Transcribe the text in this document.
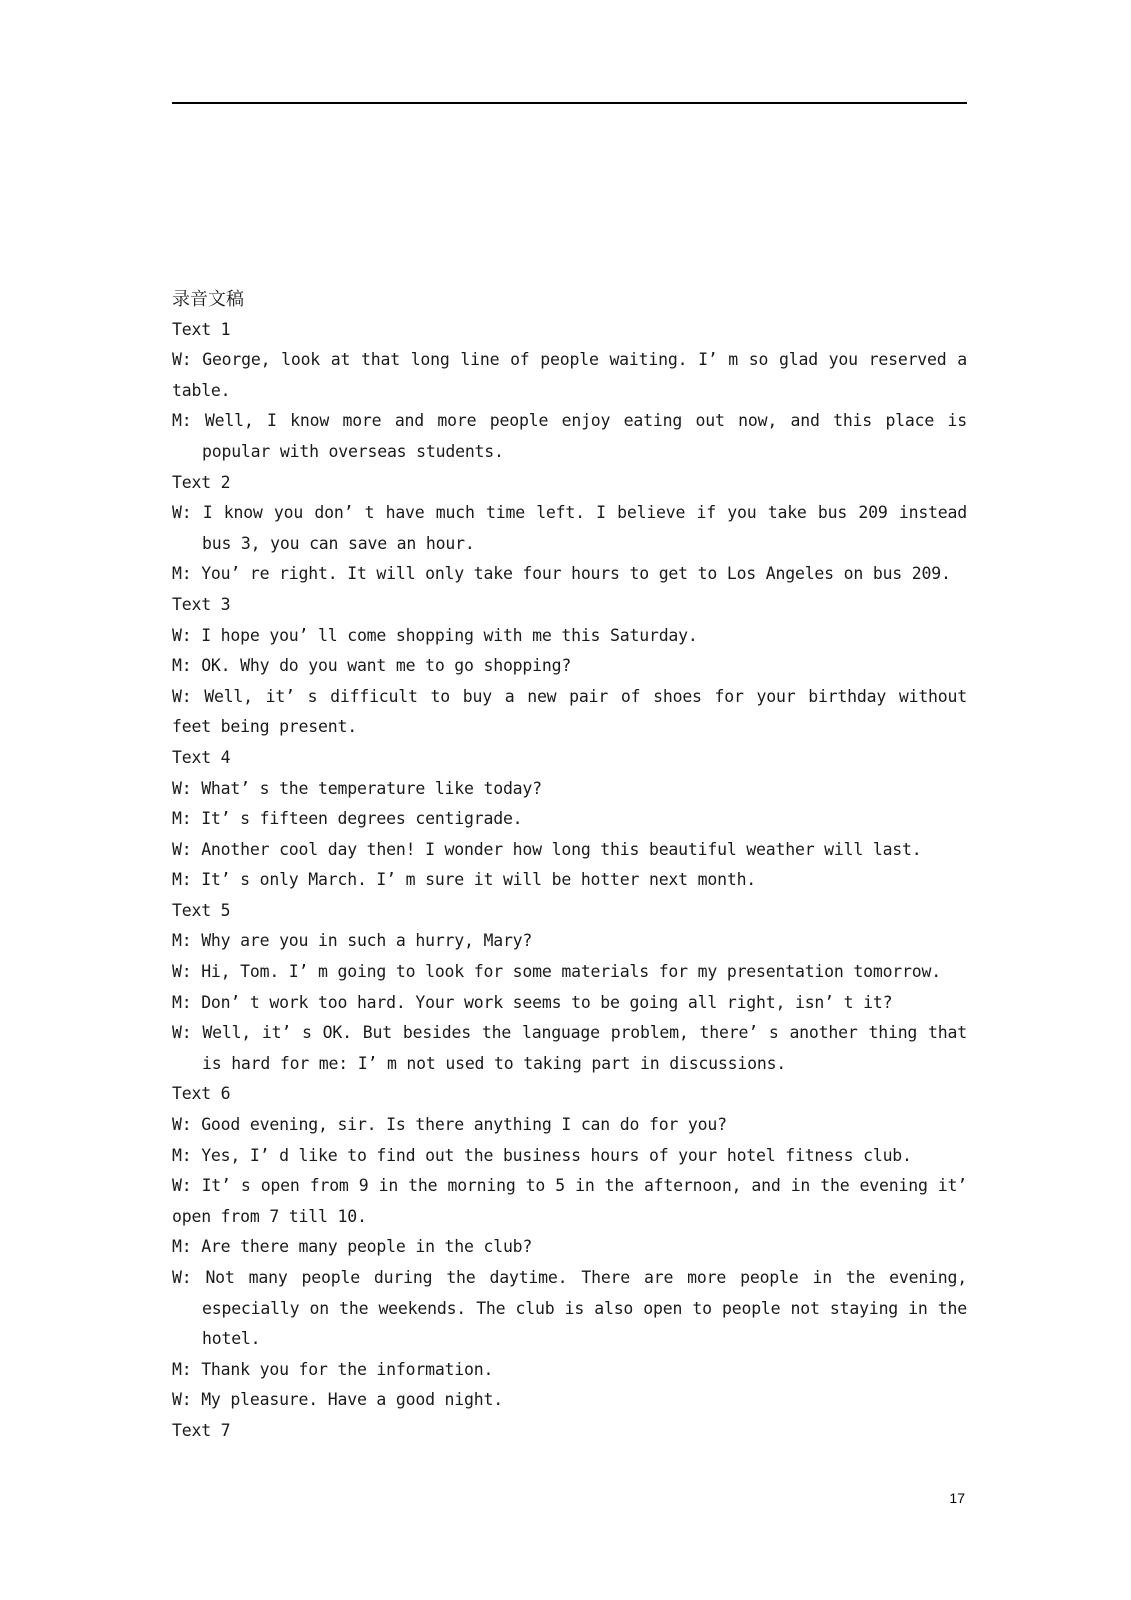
录音文稿
Text 1
W: George, look at that long line of people waiting. I’ m so glad you reserved a
table.
M: Well, I know more and more people enjoy eating out now, and this place is
popular with overseas students.
Text 2
W: I know you don’ t have much time left. I believe if you take bus 209 instead
bus 3, you can save an hour.
M: You’ re right. It will only take four hours to get to Los Angeles on bus 209.
Text 3
W: I hope you’ ll come shopping with me this Saturday.
M: OK. Why do you want me to go shopping?
W: Well, it’ s difficult to buy a new pair of shoes for your birthday without
feet being present.
Text 4
W: What’ s the temperature like today?
M: It’ s fifteen degrees centigrade.
W: Another cool day then! I wonder how long this beautiful weather will last.
M: It’ s only March. I’ m sure it will be hotter next month.
Text 5
M: Why are you in such a hurry, Mary?
W: Hi, Tom. I’ m going to look for some materials for my presentation tomorrow.
M: Don’ t work too hard. Your work seems to be going all right, isn’ t it?
W: Well, it’ s OK. But besides the language problem, there’ s another thing that
is hard for me: I’ m not used to taking part in discussions.
Text 6
W: Good evening, sir. Is there anything I can do for you?
M: Yes, I’ d like to find out the business hours of your hotel fitness club.
W: It’ s open from 9 in the morning to 5 in the afternoon, and in the evening it’
open from 7 till 10.
M: Are there many people in the club?
W: Not many people during the daytime. There are more people in the evening,
especially on the weekends. The club is also open to people not staying in the
hotel.
M: Thank you for the information.
W: My pleasure. Have a good night.
Text 7
17
